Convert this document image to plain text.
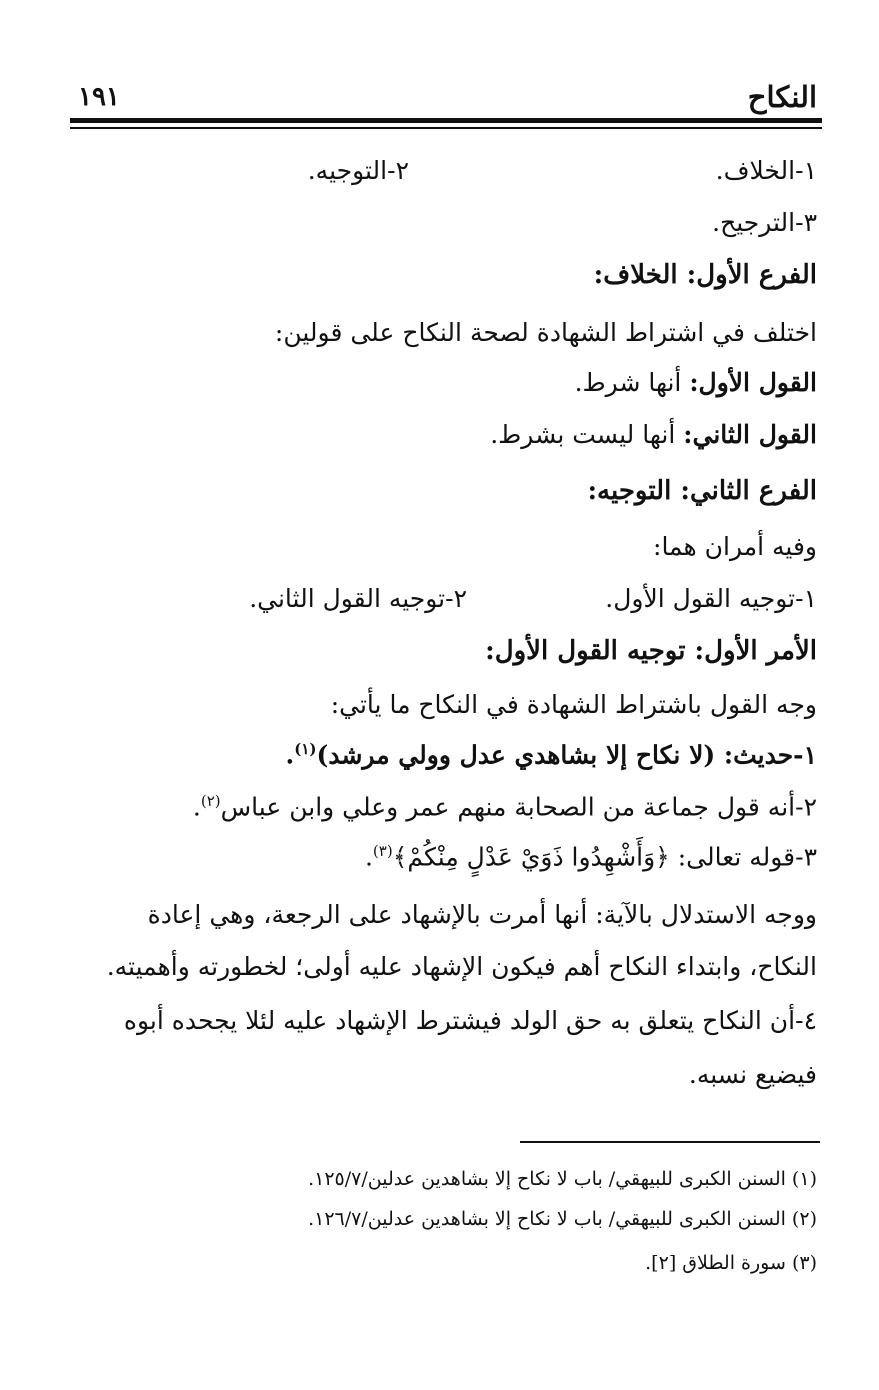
النكاح
١٩١
١-الخلاف.
٢-التوجيه.
٣-الترجيح.
الفرع الأول: الخلاف:
اختلف في اشتراط الشهادة لصحة النكاح على قولين:
القول الأول: أنها شرط.
القول الثاني: أنها ليست بشرط.
الفرع الثاني: التوجيه:
وفيه أمران هما:
١-توجيه القول الأول.
٢-توجيه القول الثاني.
الأمر الأول: توجيه القول الأول:
وجه القول باشتراط الشهادة في النكاح ما يأتي:
١-حديث: (لا نكاح إلا بشاهدي عدل وولي مرشد)$^{(١)}$.
٢-أنه قول جماعة من الصحابة منهم عمر وعلي وابن عباس$^{(٢)}$.
٣-قوله تعالى: ﴿وَأَشْهِدُوا ذَوَيْ عَدْلٍ مِنْكُمْ﴾$^{(٣)}$.
ووجه الاستدلال بالآية: أنها أمرت بالإشهاد على الرجعة، وهي إعادة
النكاح، وابتداء النكاح أهم فيكون الإشهاد عليه أولى؛ لخطورته وأهميته.
٤-أن النكاح يتعلق به حق الولد فيشترط الإشهاد عليه لئلا يجحده أبوه
فيضيع نسبه.
(١) السنن الكبرى للبيهقي/ باب لا نكاح إلا بشاهدين عدلين/١٢٥/٧.
(٢) السنن الكبرى للبيهقي/ باب لا نكاح إلا بشاهدين عدلين/١٢٦/٧.
(٣) سورة الطلاق [٢].
